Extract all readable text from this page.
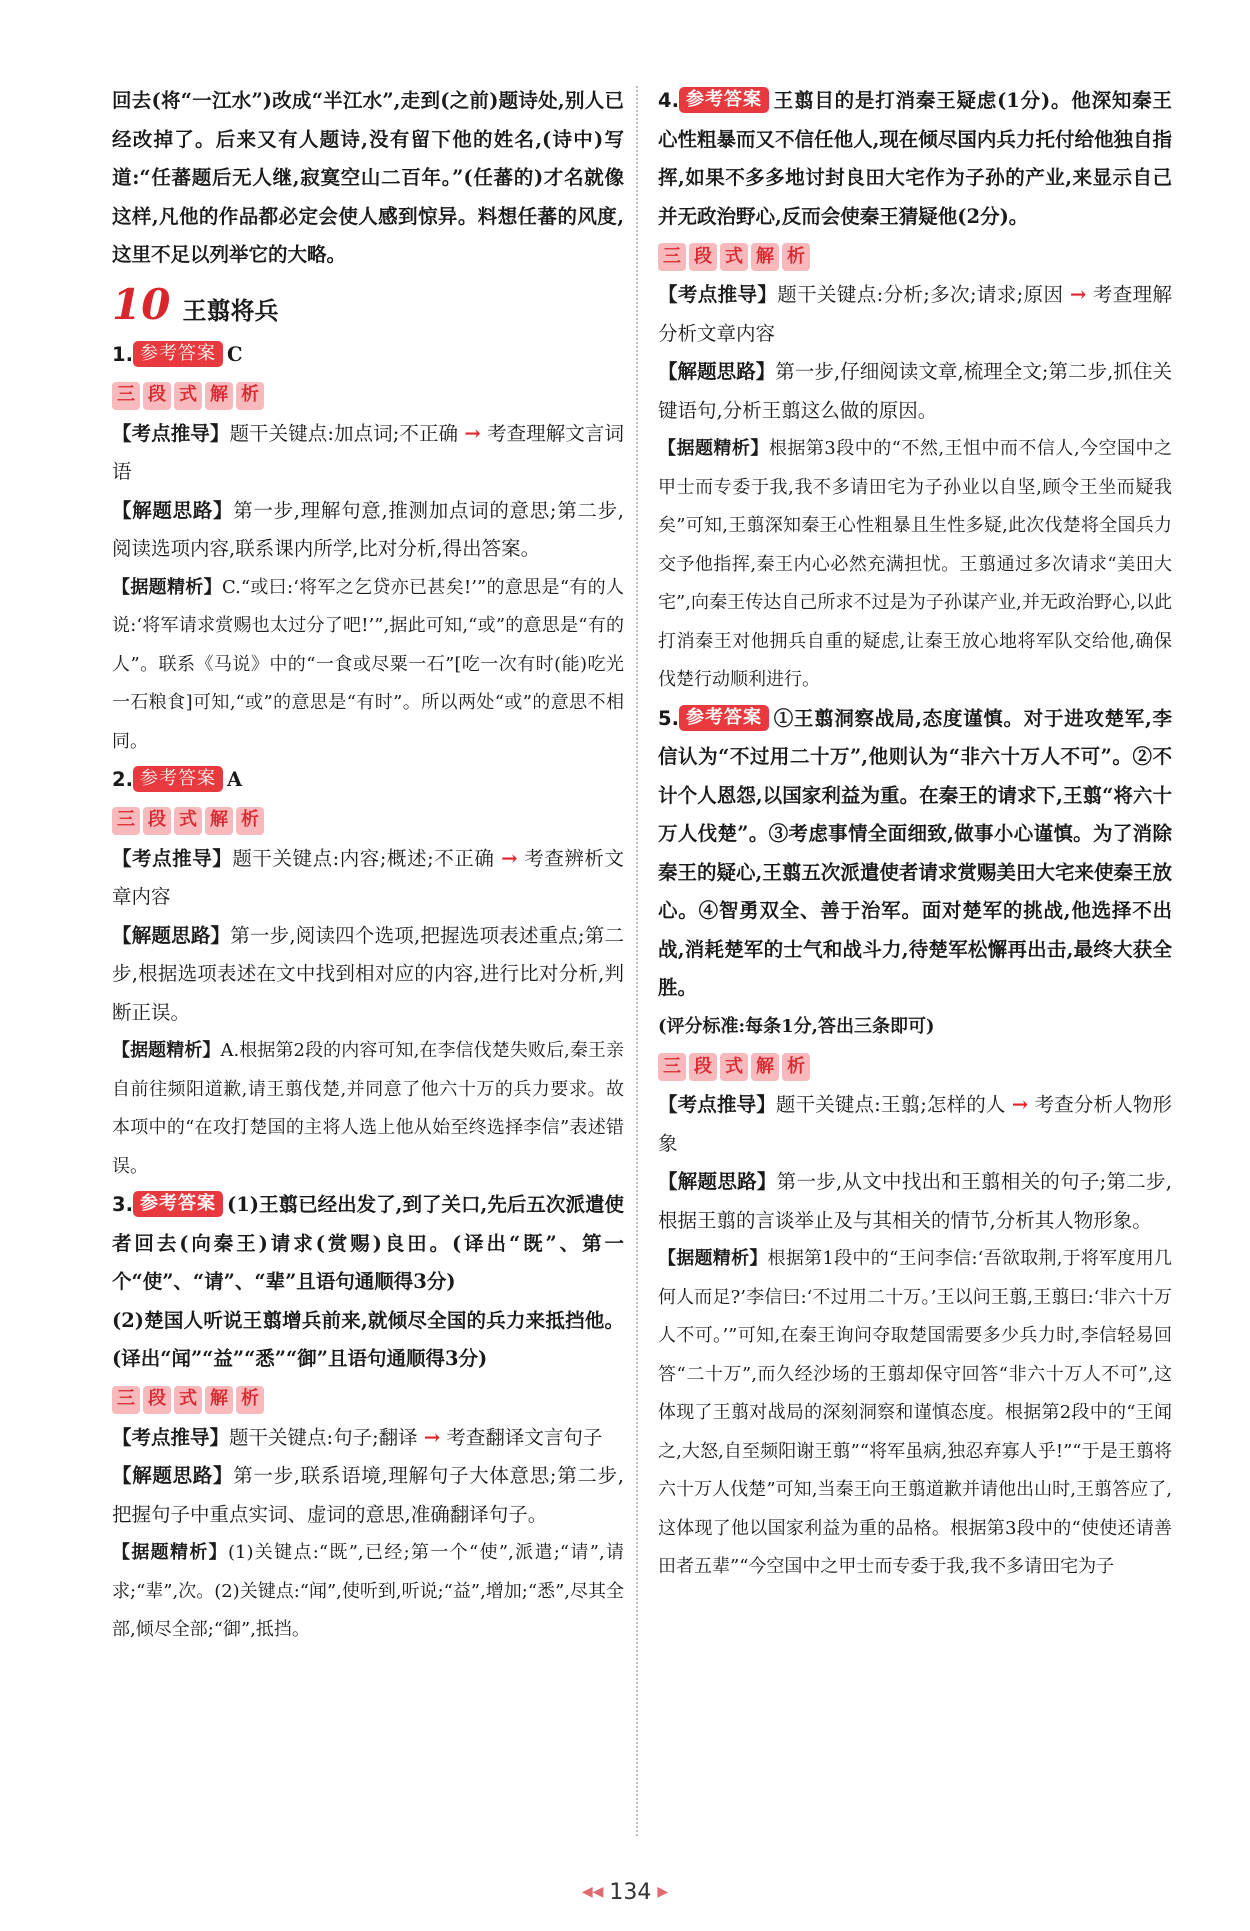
回去(将“一江水”)改成“半江水”,走到(之前)题诗处,别人已经改掉了。后来又有人题诗,没有留下他的姓名,(诗中)写道:“任蕃题后无人继,寂寞空山二百年。”(任蕃的)才名就像这样,凡他的作品都必定会使人感到惊异。料想任蕃的风度,这里不足以列举它的大略。

10 王翦将兵

1. 参考答案 C

三 段 式 解 析

【考点推导】题干关键点:加点词;不正确 → 考查理解文言词语

【解题思路】第一步,理解句意,推测加点词的意思;第二步,阅读选项内容,联系课内所学,比对分析,得出答案。

【据题精析】C.“或曰:‘将军之乞贷亦已甚矣!’”的意思是“有的人说:‘将军请求赏赐也太过分了吧!’”,据此可知,“或”的意思是“有的人”。联系《马说》中的“一食或尽粟一石”[吃一次有时(能)吃光一石粮食]可知,“或”的意思是“有时”。所以两处“或”的意思不相同。

2. 参考答案 A

三 段 式 解 析

【考点推导】题干关键点:内容;概述;不正确 → 考查辨析文章内容

【解题思路】第一步,阅读四个选项,把握选项表述重点;第二步,根据选项表述在文中找到相对应的内容,进行比对分析,判断正误。

【据题精析】A.根据第2段的内容可知,在李信伐楚失败后,秦王亲自前往频阳道歉,请王翦伐楚,并同意了他六十万的兵力要求。故本项中的“在攻打楚国的主将人选上他从始至终选择李信”表述错误。

3. 参考答案 (1)王翦已经出发了,到了关口,先后五次派遣使者回去(向秦王)请求(赏赐)良田。(译出“既”、第一个“使”、“请”、“辈”且语句通顺得3分)

(2)楚国人听说王翦增兵前来,就倾尽全国的兵力来抵挡他。(译出“闻”“益”“悉”“御”且语句通顺得3分)

三 段 式 解 析

【考点推导】题干关键点:句子;翻译 → 考查翻译文言句子

【解题思路】第一步,联系语境,理解句子大体意思;第二步,把握句子中重点实词、虚词的意思,准确翻译句子。

【据题精析】(1)关键点:“既”,已经;第一个“使”,派遣;“请”,请求;“辈”,次。(2)关键点:“闻”,使听到,听说;“益”,增加;“悉”,尽其全部,倾尽全部;“御”,抵挡。

4. 参考答案 王翦目的是打消秦王疑虑(1分)。他深知秦王心性粗暴而又不信任他人,现在倾尽国内兵力托付给他独自指挥,如果不多多地讨封良田大宅作为子孙的产业,来显示自己并无政治野心,反而会使秦王猜疑他(2分)。

三 段 式 解 析

【考点推导】题干关键点:分析;多次;请求;原因 → 考查理解分析文章内容

【解题思路】第一步,仔细阅读文章,梳理全文;第二步,抓住关键语句,分析王翦这么做的原因。

【据题精析】根据第3段中的“不然,王怚中而不信人,今空国中之甲士而专委于我,我不多请田宅为子孙业以自坚,顾令王坐而疑我矣”可知,王翦深知秦王心性粗暴且生性多疑,此次伐楚将全国兵力交予他指挥,秦王内心必然充满担忧。王翦通过多次请求“美田大宅”,向秦王传达自己所求不过是为子孙谋产业,并无政治野心,以此打消秦王对他拥兵自重的疑虑,让秦王放心地将军队交给他,确保伐楚行动顺利进行。

5. 参考答案 ①王翦洞察战局,态度谨慎。对于进攻楚军,李信认为“不过用二十万”,他则认为“非六十万人不可”。②不计个人恩怨,以国家利益为重。在秦王的请求下,王翦“将六十万人伐楚”。③考虑事情全面细致,做事小心谨慎。为了消除秦王的疑心,王翦五次派遣使者请求赏赐美田大宅来使秦王放心。④智勇双全、善于治军。面对楚军的挑战,他选择不出战,消耗楚军的士气和战斗力,待楚军松懈再出击,最终大获全胜。

(评分标准:每条1分,答出三条即可)

三 段 式 解 析

【考点推导】题干关键点:王翦;怎样的人 → 考查分析人物形象

【解题思路】第一步,从文中找出和王翦相关的句子;第二步,根据王翦的言谈举止及与其相关的情节,分析其人物形象。

【据题精析】根据第1段中的“王问李信:‘吾欲取荆,于将军度用几何人而足?’李信曰:‘不过用二十万。’王以问王翦,王翦曰:‘非六十万人不可。’”可知,在秦王询问夺取楚国需要多少兵力时,李信轻易回答“二十万”,而久经沙场的王翦却保守回答“非六十万人不可”,这体现了王翦对战局的深刻洞察和谨慎态度。根据第2段中的“王闻之,大怒,自至频阳谢王翦”“将军虽病,独忍弃寡人乎!”“于是王翦将六十万人伐楚”可知,当秦王向王翦道歉并请他出山时,王翦答应了,这体现了他以国家利益为重的品格。根据第3段中的“使使还请善田者五辈”“今空国中之甲士而专委于我,我不多请田宅为子

◀◀ 134 ▶
